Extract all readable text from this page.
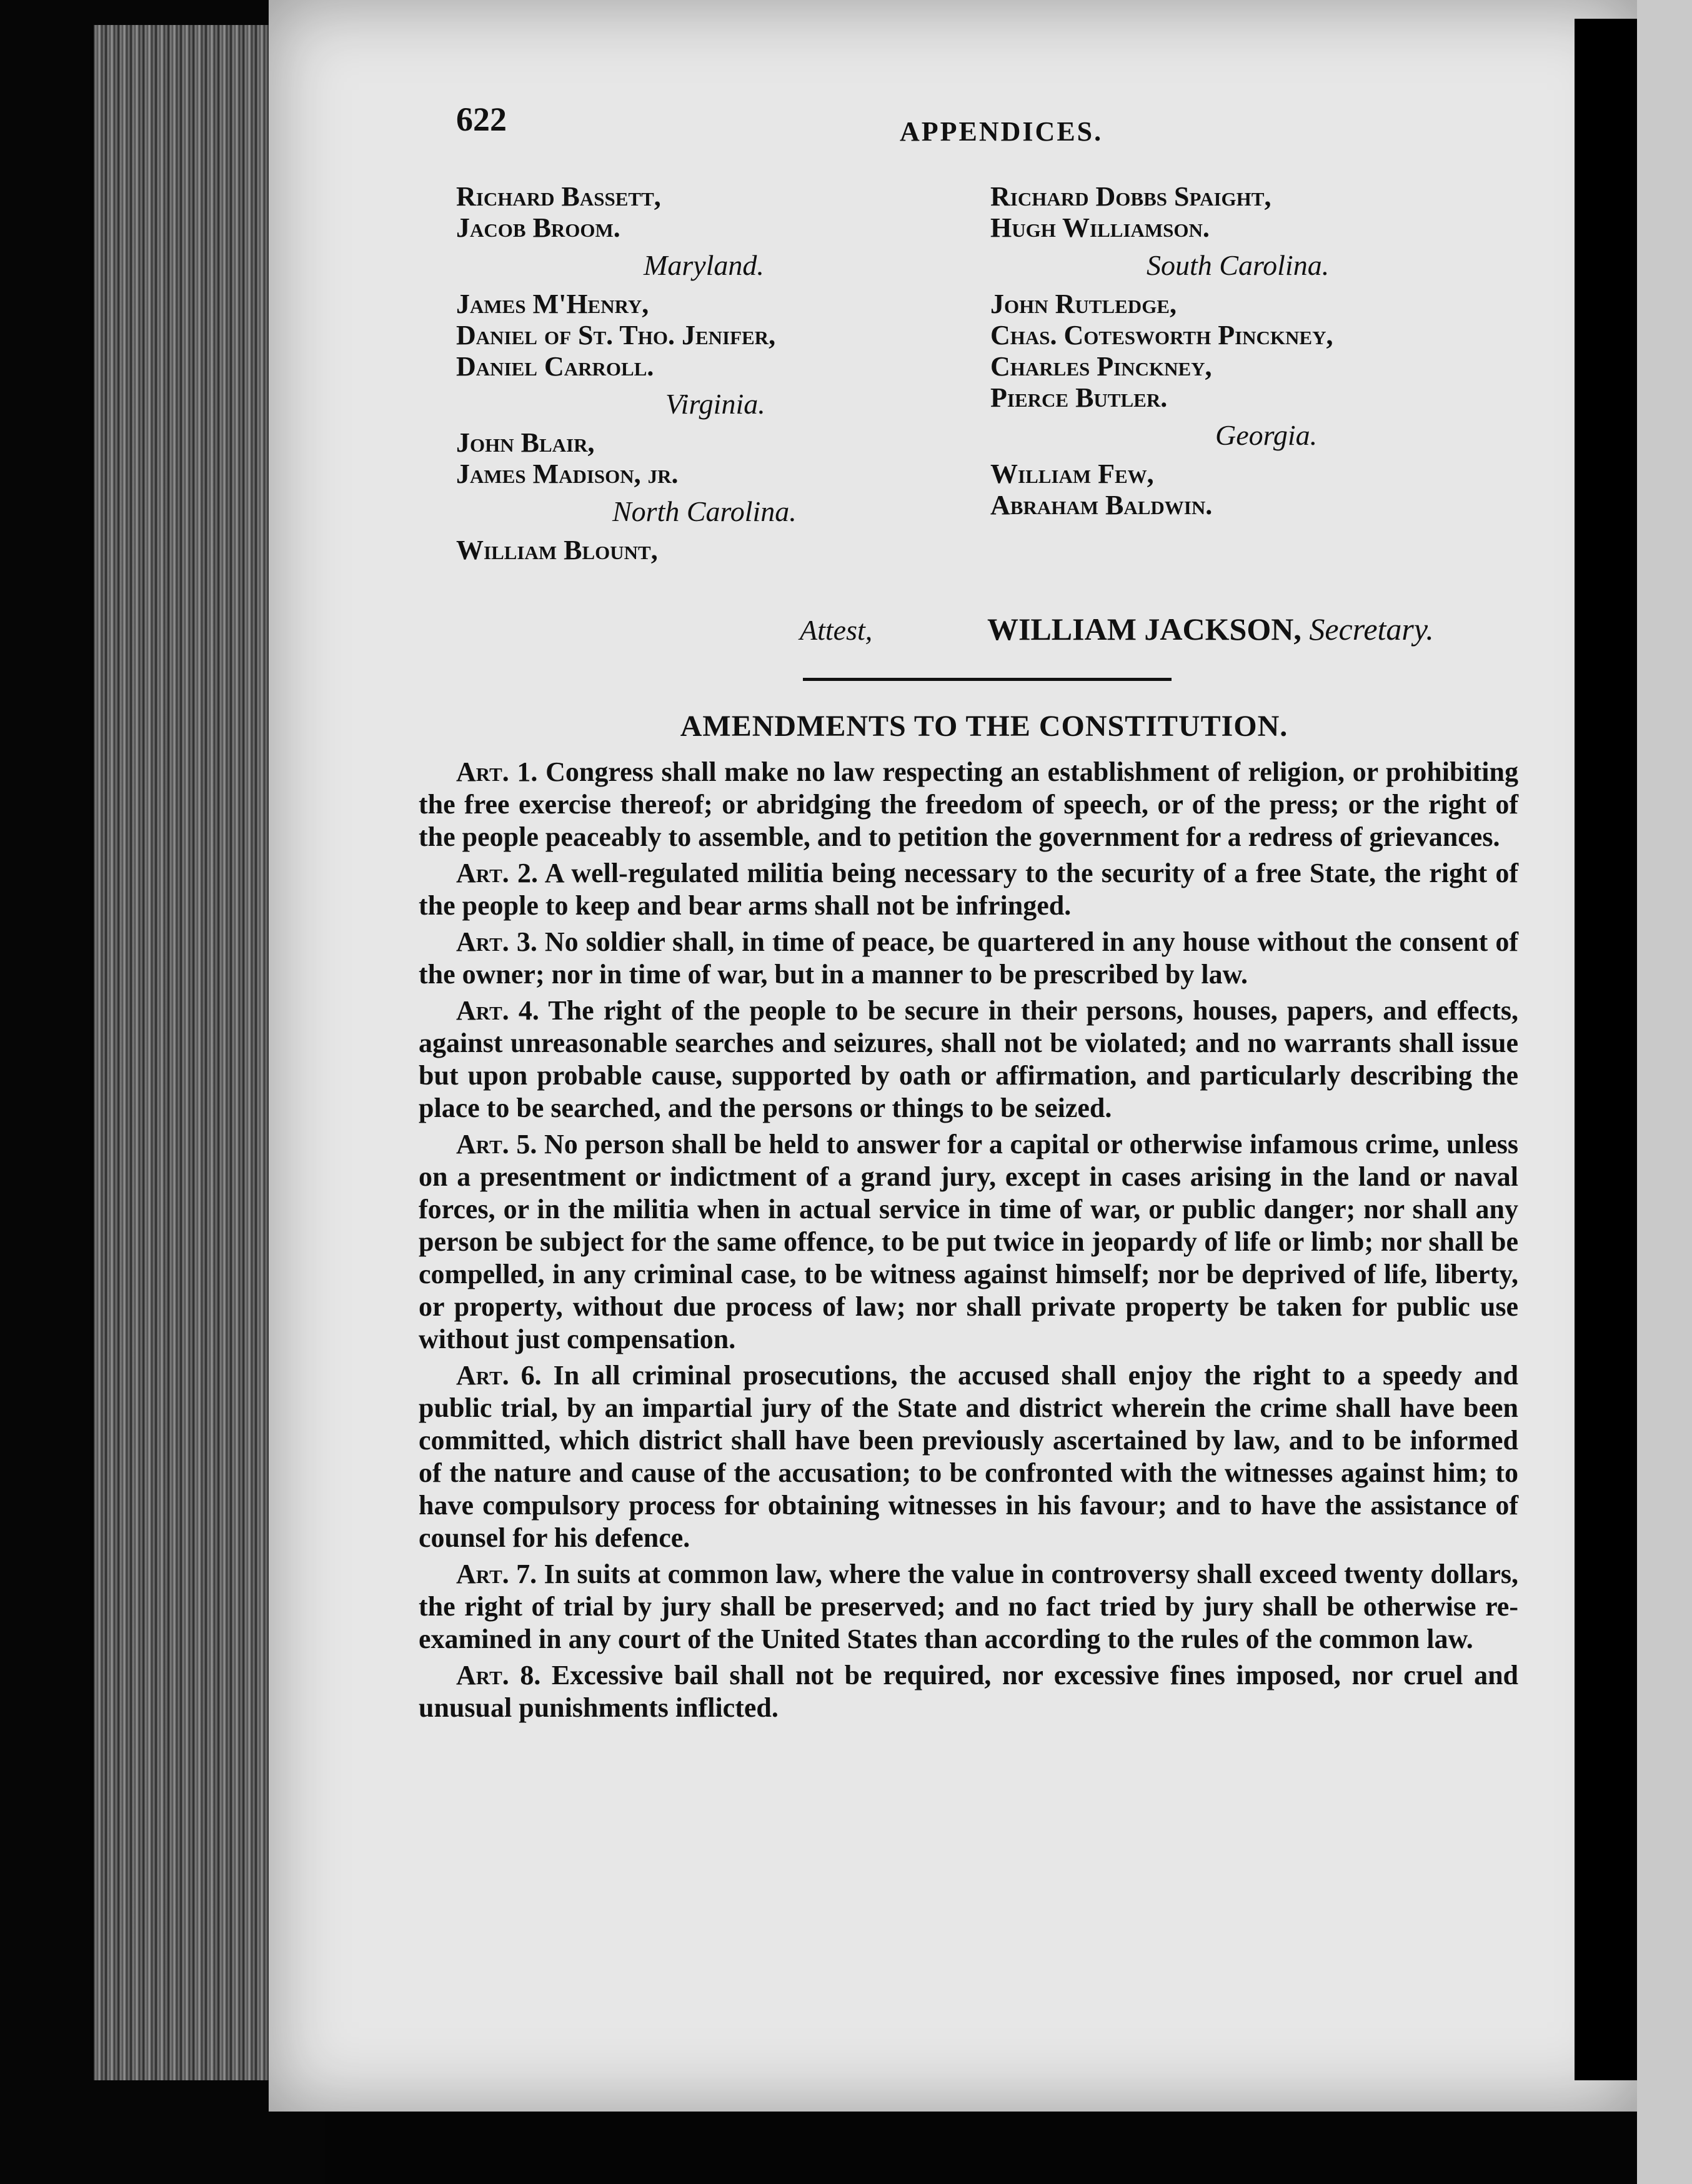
622	APPENDICES.
Richard Bassett,
Jacob Broom.
Maryland.
James M'Henry,
Daniel of St. Tho. Jenifer,
Daniel Carroll.
Virginia.
John Blair,
James Madison, jr.
North Carolina.
William Blount,
Richard Dobbs Spaight,
Hugh Williamson.
South Carolina.
John Rutledge,
Chas. Cotesworth Pinckney,
Charles Pinckney,
Pierce Butler.
Georgia.
William Few,
Abraham Baldwin.
Attest,	WILLIAM JACKSON, Secretary.
AMENDMENTS TO THE CONSTITUTION.

Art. 1. Congress shall make no law respecting an establishment of religion, or prohibiting the free exercise thereof; or abridging the freedom of speech, or of the press; or the right of the people peaceably to assemble, and to petition the government for a redress of grievances.

Art. 2. A well-regulated militia being necessary to the security of a free State, the right of the people to keep and bear arms shall not be infringed.

Art. 3. No soldier shall, in time of peace, be quartered in any house without the consent of the owner; nor in time of war, but in a manner to be prescribed by law.

Art. 4. The right of the people to be secure in their persons, houses, papers, and effects, against unreasonable searches and seizures, shall not be violated; and no warrants shall issue but upon probable cause, supported by oath or affirmation, and particularly describing the place to be searched, and the persons or things to be seized.

Art. 5. No person shall be held to answer for a capital or otherwise infamous crime, unless on a presentment or indictment of a grand jury, except in cases arising in the land or naval forces, or in the militia when in actual service in time of war, or public danger; nor shall any person be subject for the same offence, to be put twice in jeopardy of life or limb; nor shall be compelled, in any criminal case, to be witness against himself; nor be deprived of life, liberty, or property, without due process of law; nor shall private property be taken for public use without just compensation.

Art. 6. In all criminal prosecutions, the accused shall enjoy the right to a speedy and public trial, by an impartial jury of the State and district wherein the crime shall have been committed, which district shall have been previously ascertained by law, and to be informed of the nature and cause of the accusation; to be confronted with the witnesses against him; to have compulsory process for obtaining witnesses in his favour; and to have the assistance of counsel for his defence.

Art. 7. In suits at common law, where the value in controversy shall exceed twenty dollars, the right of trial by jury shall be preserved; and no fact tried by jury shall be otherwise re-examined in any court of the United States than according to the rules of the common law.

Art. 8. Excessive bail shall not be required, nor excessive fines imposed, nor cruel and unusual punishments inflicted.
